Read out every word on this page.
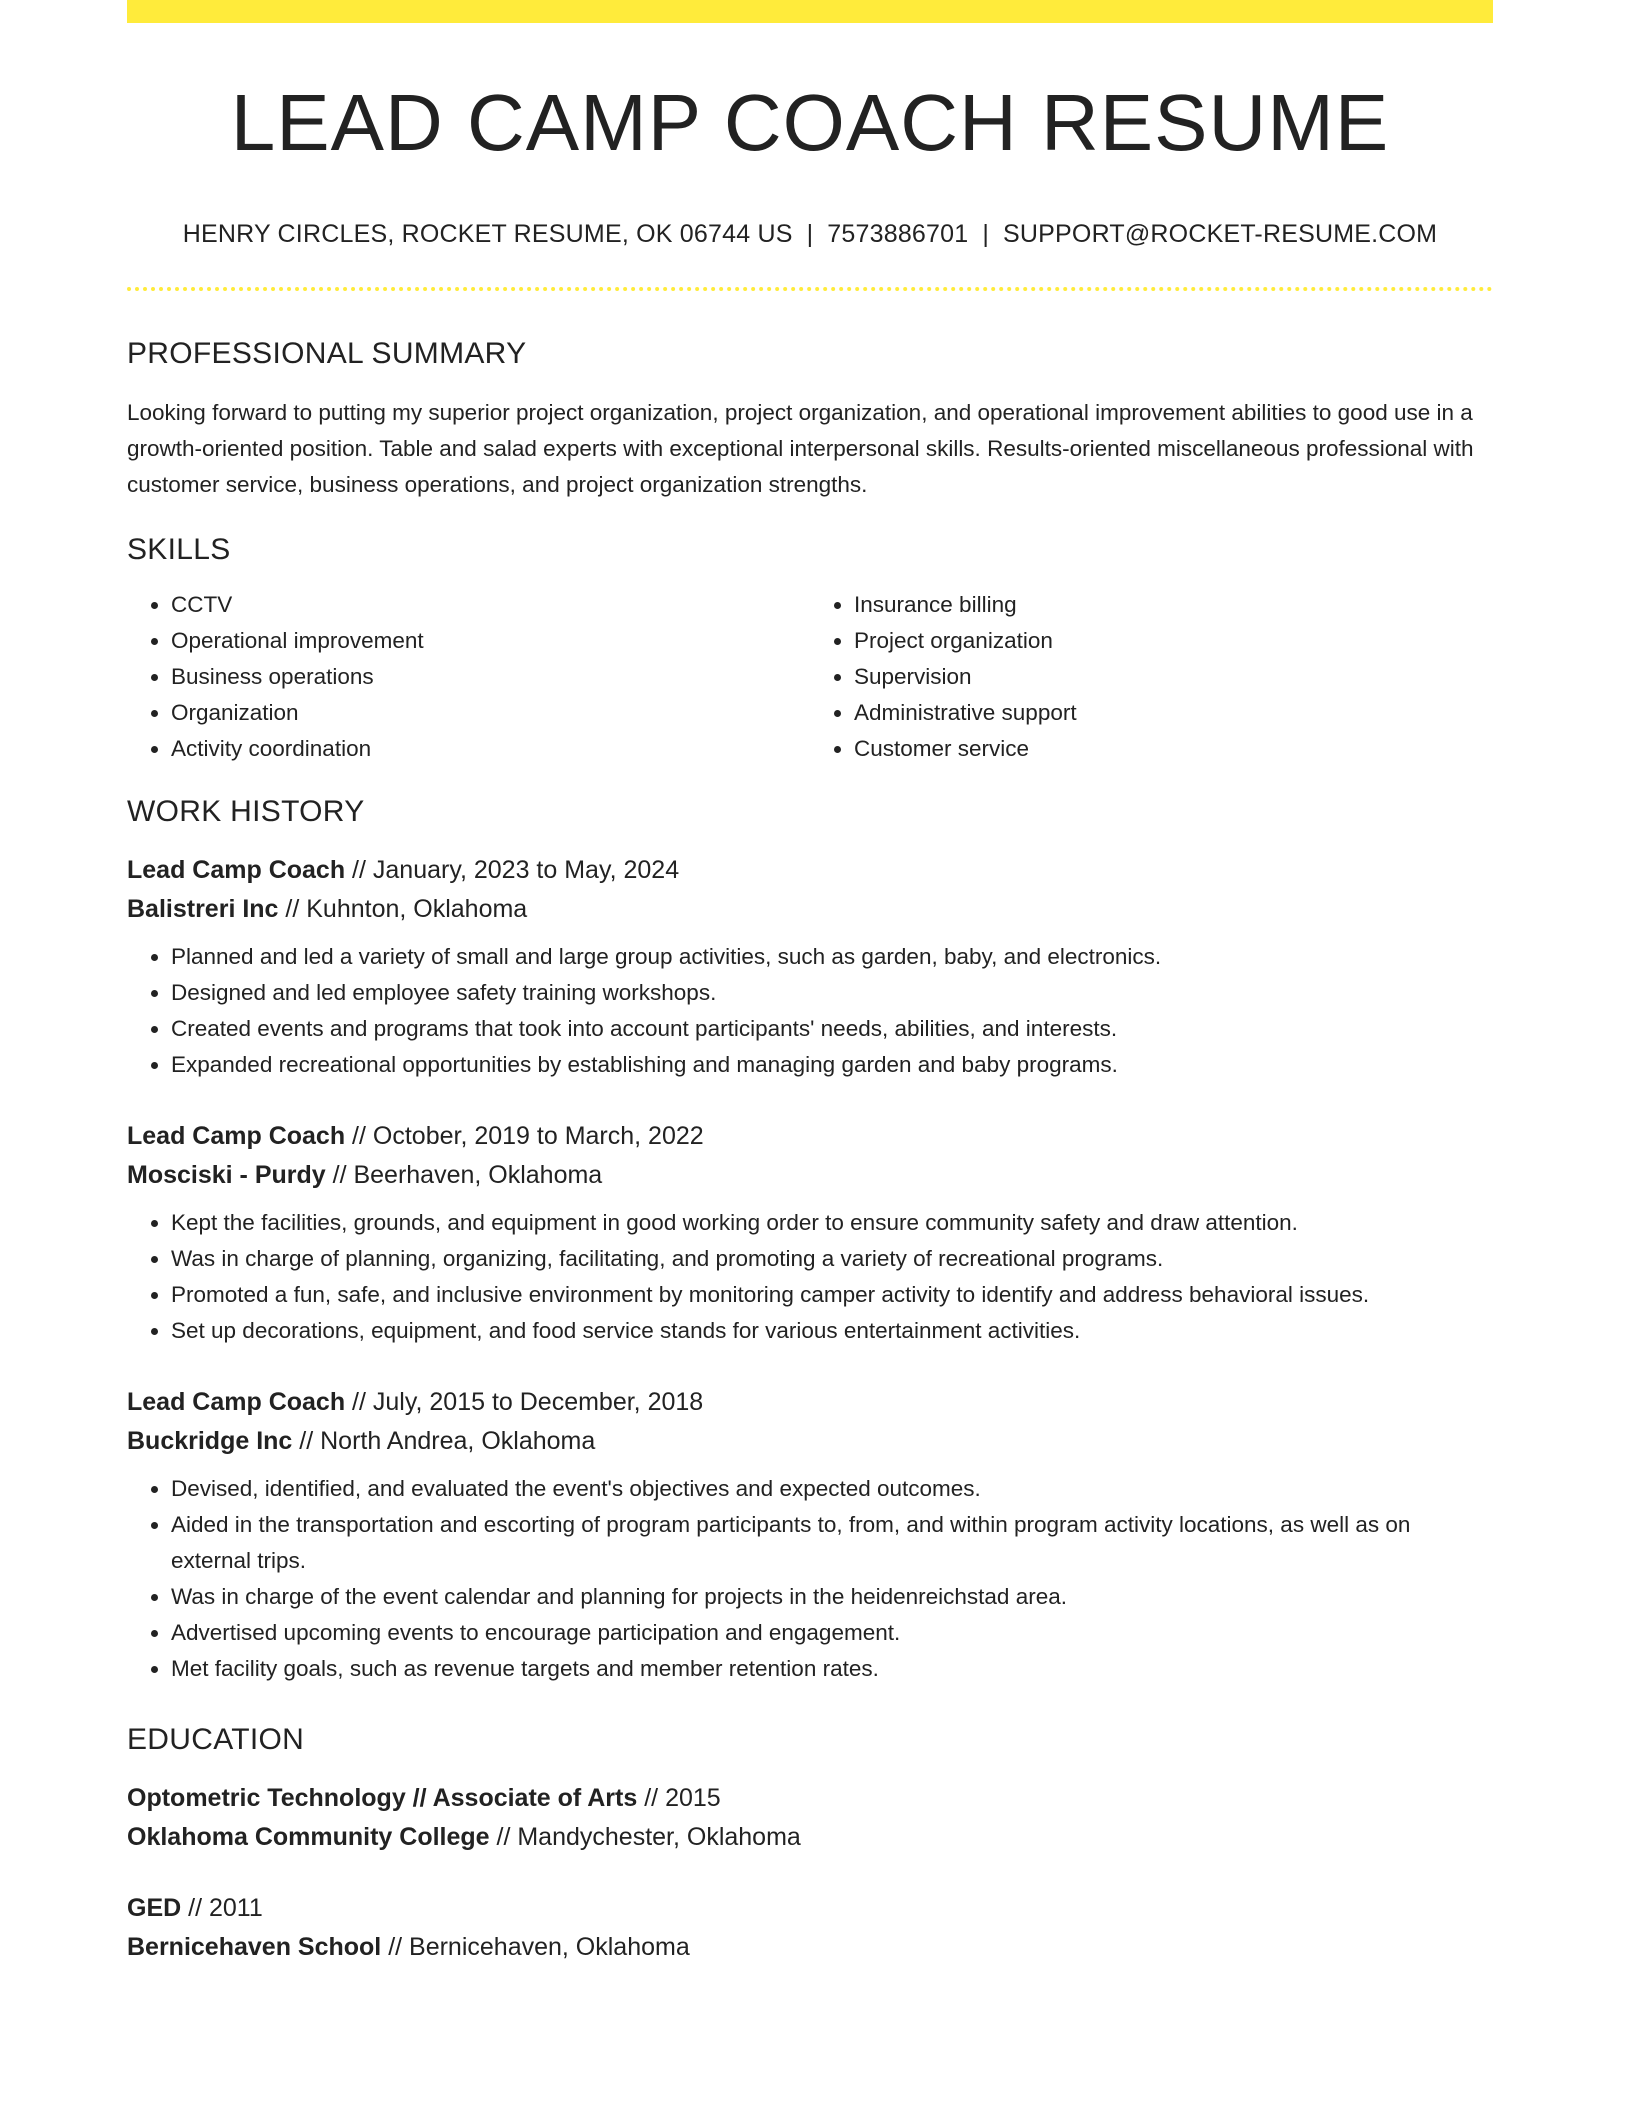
LEAD CAMP COACH RESUME
HENRY CIRCLES, ROCKET RESUME, OK 06744 US | 7573886701 | SUPPORT@ROCKET-RESUME.COM
PROFESSIONAL SUMMARY
Looking forward to putting my superior project organization, project organization, and operational improvement abilities to good use in a growth-oriented position. Table and salad experts with exceptional interpersonal skills. Results-oriented miscellaneous professional with customer service, business operations, and project organization strengths.
SKILLS
• CCTV
• Operational improvement
• Business operations
• Organization
• Activity coordination
• Insurance billing
• Project organization
• Supervision
• Administrative support
• Customer service
WORK HISTORY
Lead Camp Coach // January, 2023 to May, 2024
Balistreri Inc // Kuhnton, Oklahoma
• Planned and led a variety of small and large group activities, such as garden, baby, and electronics.
• Designed and led employee safety training workshops.
• Created events and programs that took into account participants' needs, abilities, and interests.
• Expanded recreational opportunities by establishing and managing garden and baby programs.
Lead Camp Coach // October, 2019 to March, 2022
Mosciski - Purdy // Beerhaven, Oklahoma
• Kept the facilities, grounds, and equipment in good working order to ensure community safety and draw attention.
• Was in charge of planning, organizing, facilitating, and promoting a variety of recreational programs.
• Promoted a fun, safe, and inclusive environment by monitoring camper activity to identify and address behavioral issues.
• Set up decorations, equipment, and food service stands for various entertainment activities.
Lead Camp Coach // July, 2015 to December, 2018
Buckridge Inc // North Andrea, Oklahoma
• Devised, identified, and evaluated the event's objectives and expected outcomes.
• Aided in the transportation and escorting of program participants to, from, and within program activity locations, as well as on external trips.
• Was in charge of the event calendar and planning for projects in the heidenreichstad area.
• Advertised upcoming events to encourage participation and engagement.
• Met facility goals, such as revenue targets and member retention rates.
EDUCATION
Optometric Technology // Associate of Arts // 2015
Oklahoma Community College // Mandychester, Oklahoma
GED // 2011
Bernicehaven School // Bernicehaven, Oklahoma
